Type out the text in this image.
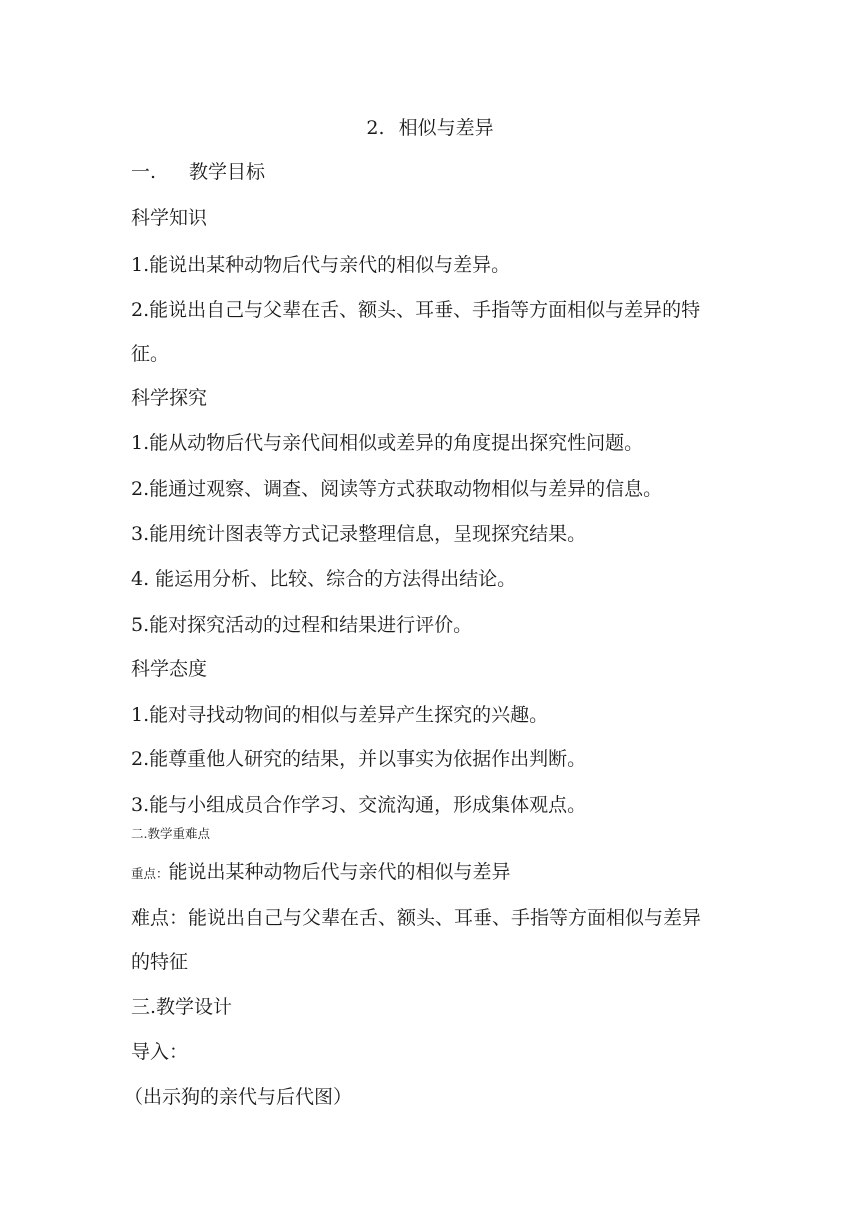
2. 相似与差异
一. 教学目标
科学知识
1.能说出某种动物后代与亲代的相似与差异。
2.能说出自己与父辈在舌、额头、耳垂、手指等方面相似与差异的特
征。
科学探究
1.能从动物后代与亲代间相似或差异的角度提出探究性问题。
2.能通过观察、调查、阅读等方式获取动物相似与差异的信息。
3.能用统计图表等方式记录整理信息，呈现探究结果。
4. 能运用分析、比较、综合的方法得出结论。
5.能对探究活动的过程和结果进行评价。
科学态度
1.能对寻找动物间的相似与差异产生探究的兴趣。
2.能尊重他人研究的结果，并以事实为依据作出判断。
3.能与小组成员合作学习、交流沟通，形成集体观点。
二.教学重难点
重点：能说出某种动物后代与亲代的相似与差异
难点：能说出自己与父辈在舌、额头、耳垂、手指等方面相似与差异
的特征
三.教学设计
导入：
（出示狗的亲代与后代图）
